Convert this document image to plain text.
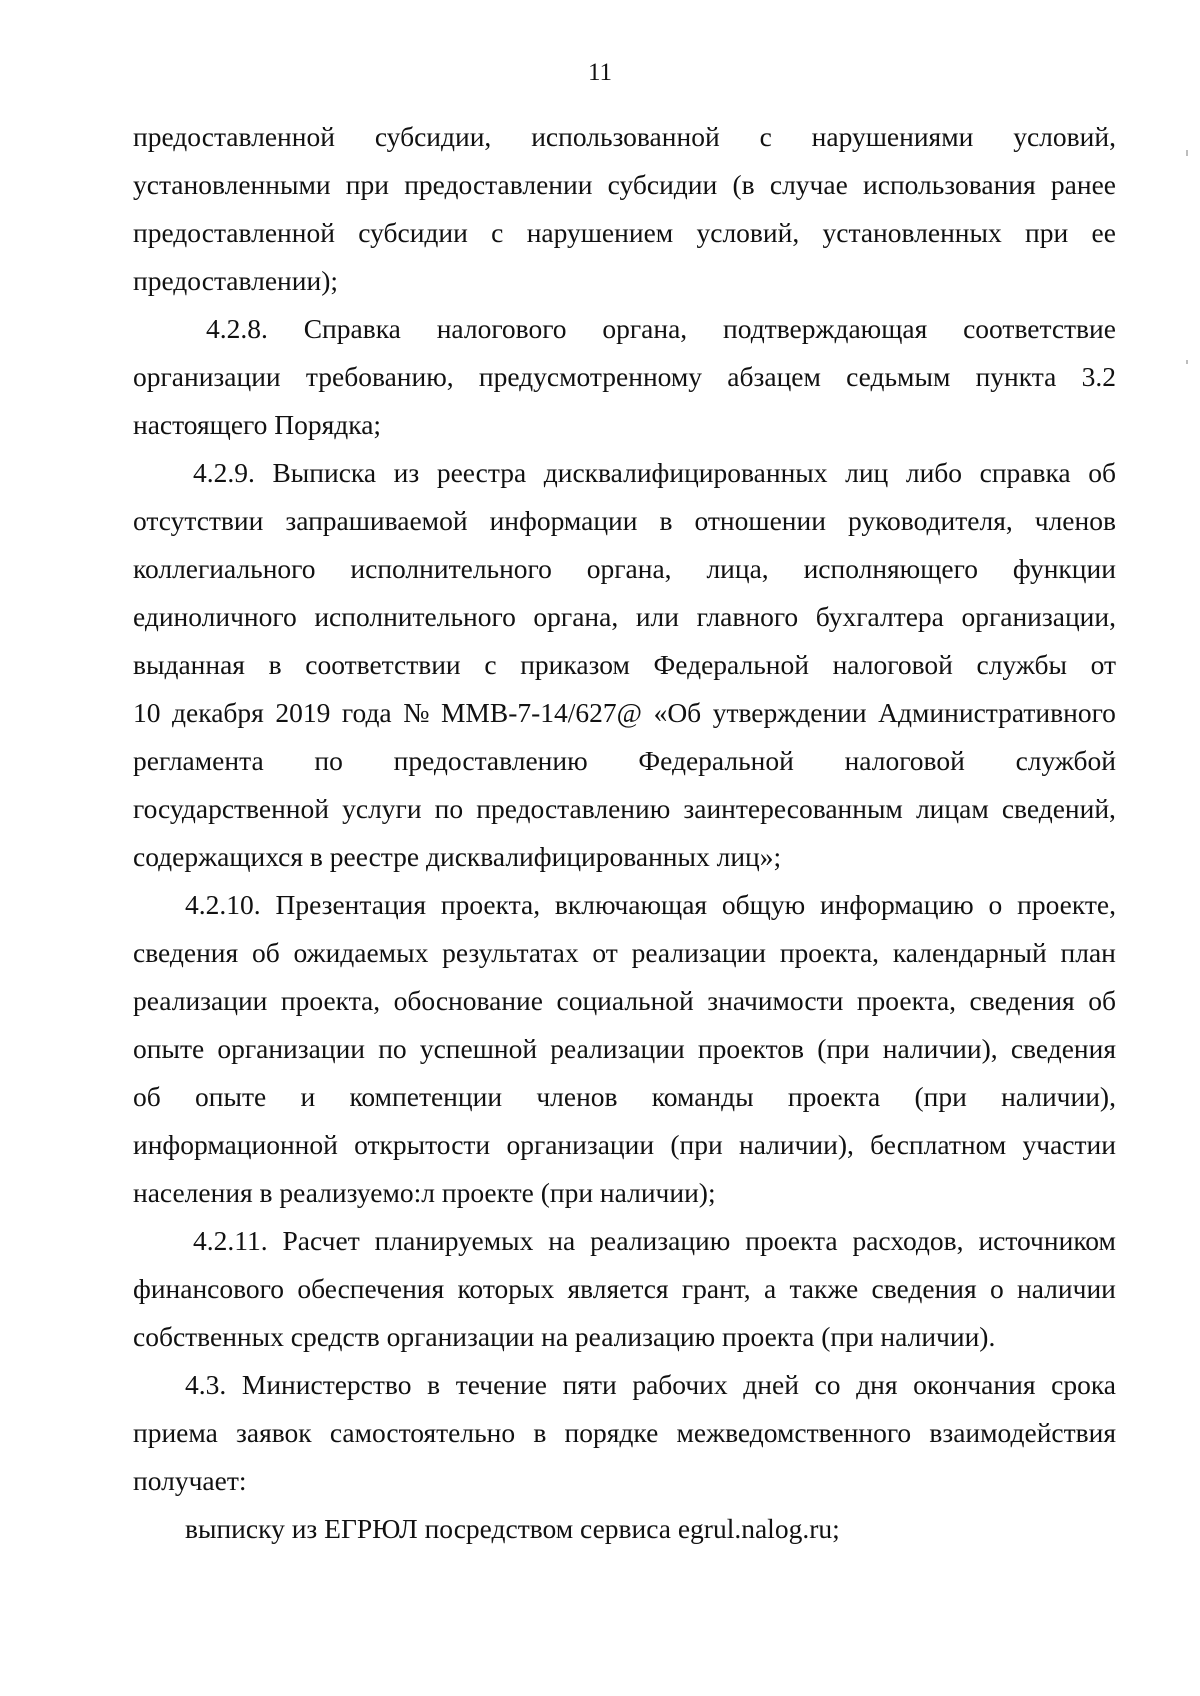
11
предоставленной субсидии, использованной с нарушениями условий,
установленными при предоставлении субсидии (в случае использования ранее
предоставленной субсидии с нарушением условий, установленных при ее
предоставлении);
4.2.8. Справка налогового органа, подтверждающая соответствие
организации требованию, предусмотренному абзацем седьмым пункта 3.2
настоящего Порядка;
4.2.9. Выписка из реестра дисквалифицированных лиц либо справка об
отсутствии запрашиваемой информации в отношении руководителя, членов
коллегиального исполнительного органа, лица, исполняющего функции
единоличного исполнительного органа, или главного бухгалтера организации,
выданная в соответствии с приказом Федеральной налоговой службы от
10 декабря 2019 года № ММВ-7-14/627@ «Об утверждении Административного
регламента по предоставлению Федеральной налоговой службой
государственной услуги по предоставлению заинтересованным лицам сведений,
содержащихся в реестре дисквалифицированных лиц»;
4.2.10. Презентация проекта, включающая общую информацию о проекте,
сведения об ожидаемых результатах от реализации проекта, календарный план
реализации проекта, обоснование социальной значимости проекта, сведения об
опыте организации по успешной реализации проектов (при наличии), сведения
об опыте и компетенции членов команды проекта (при наличии),
информационной открытости организации (при наличии), бесплатном участии
населения в реализуемо:л проекте (при наличии);
4.2.11. Расчет планируемых на реализацию проекта расходов, источником
финансового обеспечения которых является грант, а также сведения о наличии
собственных средств организации на реализацию проекта (при наличии).
4.3. Министерство в течение пяти рабочих дней со дня окончания срока
приема заявок самостоятельно в порядке межведомственного взаимодействия
получает:
выписку из ЕГРЮЛ посредством сервиса egrul.nalog.ru;
